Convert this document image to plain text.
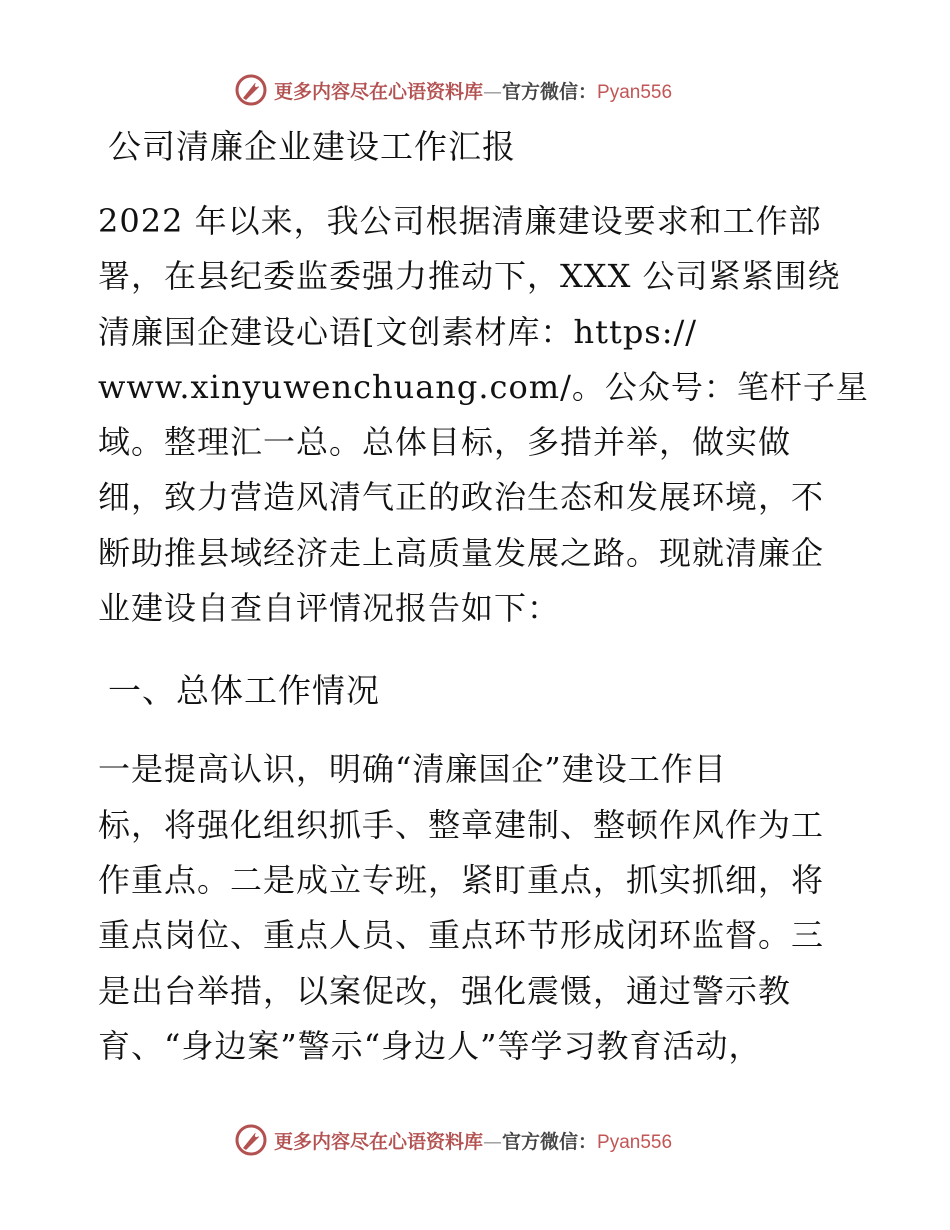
更多内容尽在心语资料库—官方微信：Pyan556
公司清廉企业建设工作汇报

2022 年以来，我公司根据清廉建设要求和工作部
署，在县纪委监委强力推动下，XXX 公司紧紧围绕
清廉国企建设心语[文创素材库：https://
www.xinyuwenchuang.com/。公众号：笔杆子星
域。整理汇一总。总体目标，多措并举，做实做
细，致力营造风清气正的政治生态和发展环境，不
断助推县域经济走上高质量发展之路。现就清廉企
业建设自查自评情况报告如下：

一、总体工作情况

一是提高认识，明确“清廉国企”建设工作目
标，将强化组织抓手、整章建制、整顿作风作为工
作重点。二是成立专班，紧盯重点，抓实抓细，将
重点岗位、重点人员、重点环节形成闭环监督。三
是出台举措，以案促改，强化震慑，通过警示教
育、“身边案”警示“身边人”等学习教育活动，

更多内容尽在心语资料库—官方微信：Pyan556
